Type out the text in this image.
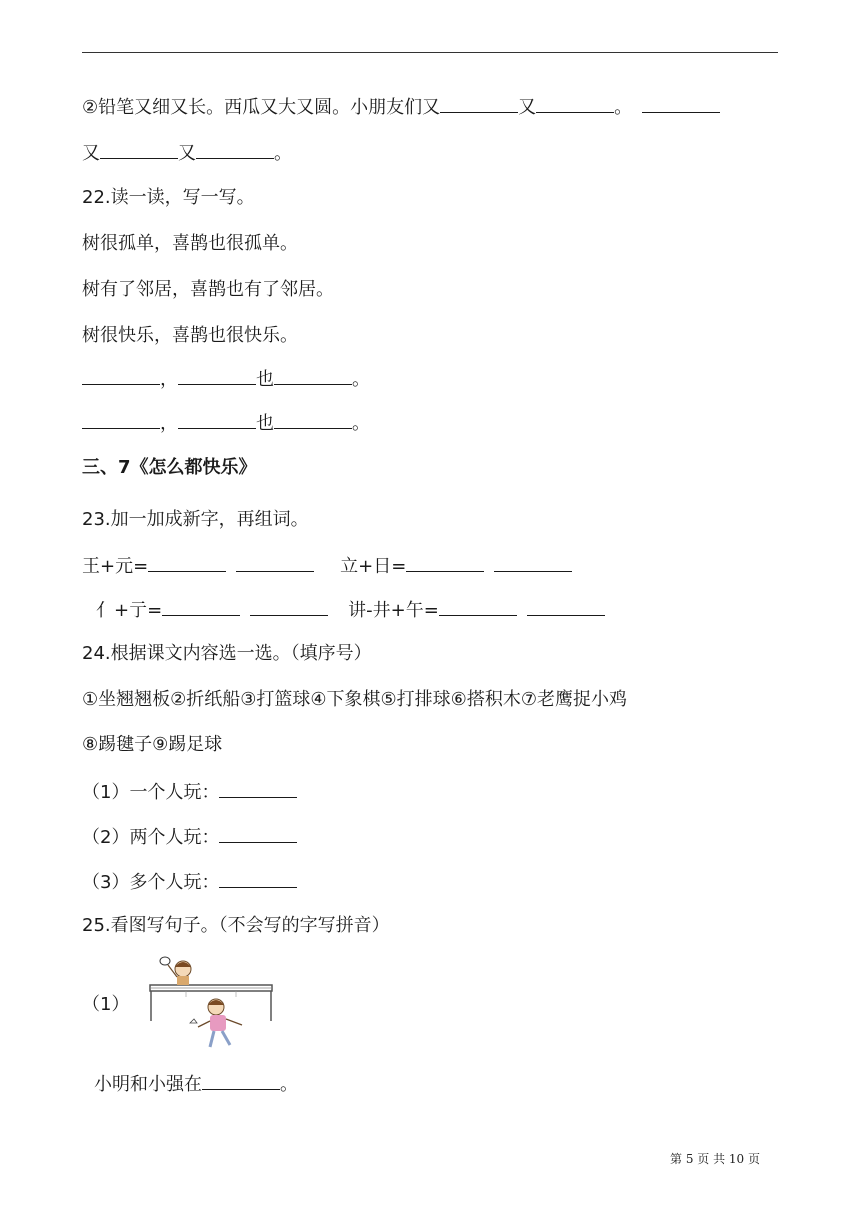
②铅笔又细又长。西瓜又大又圆。小朋友们又	又	。
又	又	。
22.读一读，写一写。
树很孤单，喜鹊也很孤单。
树有了邻居，喜鹊也有了邻居。
树很快乐，喜鹊也很快乐。
，	也	。
，	也	。
三、7《怎么都快乐》
23.加一加成新字，再组词。
王+元=	立+日=
亻+亍=	讲-井+午=
24.根据课文内容选一选。（填序号）
①坐翘翘板②折纸船③打篮球④下象棋⑤打排球⑥搭积木⑦老鹰捉小鸡
⑧踢毽子⑨踢足球
（1）一个人玩：
（2）两个人玩：
（3）多个人玩：
25.看图写句子。（不会写的字写拼音）
（1）
小明和小强在	。
第 5 页 共 10 页
